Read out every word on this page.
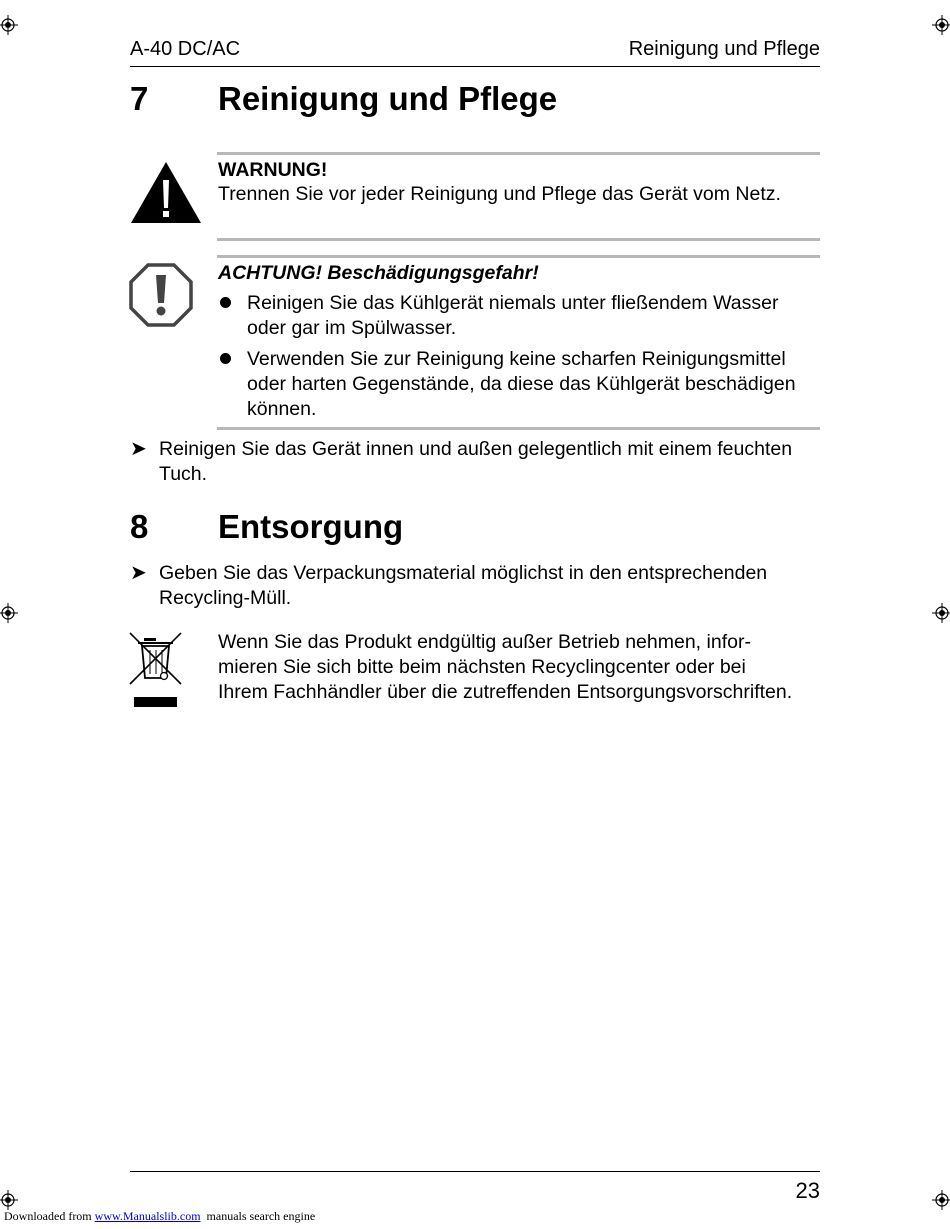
A-40 DC/AC	Reinigung und Pflege
7 Reinigung und Pflege
WARNUNG!
Trennen Sie vor jeder Reinigung und Pflege das Gerät vom Netz.
ACHTUNG! Beschädigungsgefahr!
Reinigen Sie das Kühlgerät niemals unter fließendem Wasser
oder gar im Spülwasser.
Verwenden Sie zur Reinigung keine scharfen Reinigungsmittel
oder harten Gegenstände, da diese das Kühlgerät beschädigen
können.
➤ Reinigen Sie das Gerät innen und außen gelegentlich mit einem feuchten
Tuch.
8 Entsorgung
➤ Geben Sie das Verpackungsmaterial möglichst in den entsprechenden
Recycling-Müll.
Wenn Sie das Produkt endgültig außer Betrieb nehmen, infor-
mieren Sie sich bitte beim nächsten Recyclingcenter oder bei
Ihrem Fachhändler über die zutreffenden Entsorgungsvorschriften.
23
Downloaded from www.Manualslib.com  manuals search engine
